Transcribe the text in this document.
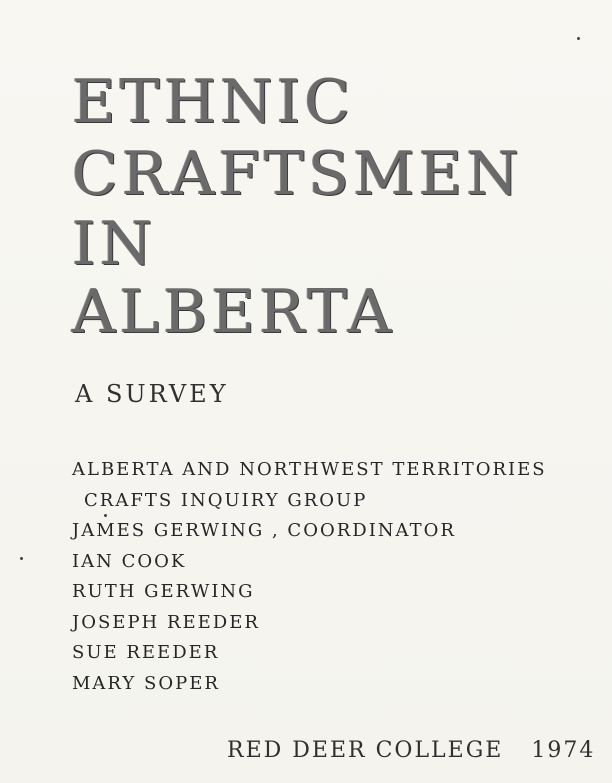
ETHNIC
CRAFTSMEN
IN
ALBERTA
A SURVEY
ALBERTA AND NORTHWEST TERRITORIES
CRAFTS INQUIRY GROUP
JAMES GERWING , COORDINATOR
IAN COOK
RUTH GERWING
JOSEPH REEDER
SUE REEDER
MARY SOPER
RED DEER COLLEGE 1974
